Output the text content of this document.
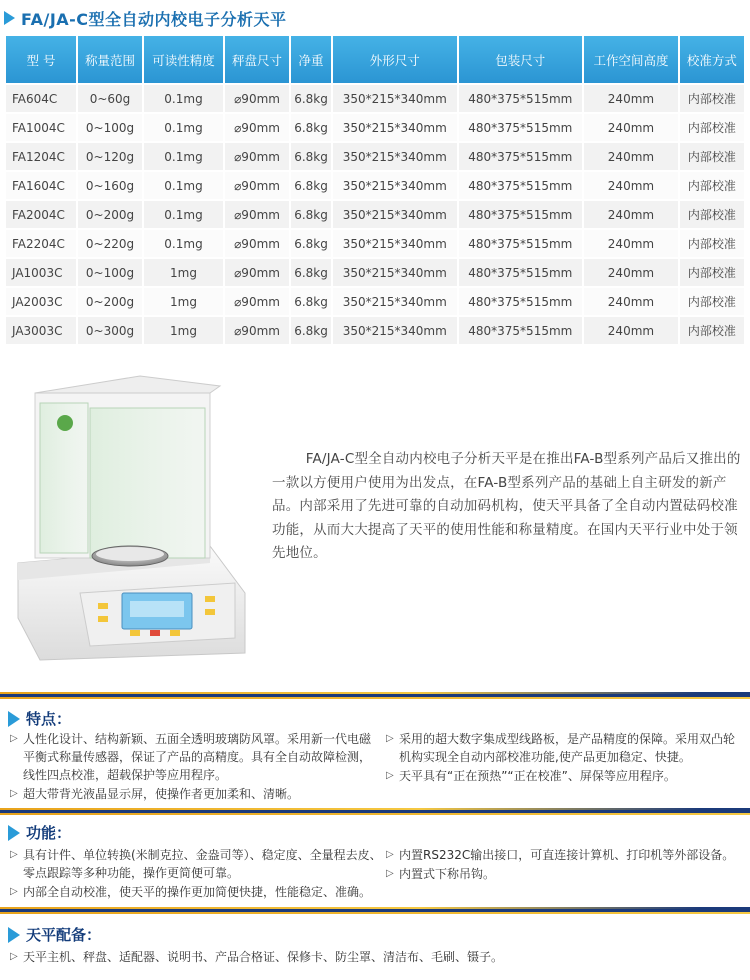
FA/JA-C型全自动内校电子分析天平
型 号	称量范围	可读性精度	秤盘尺寸	净重	外形尺寸	包装尺寸	工作空间高度	校准方式
FA604C	0~60g	0.1mg	⌀90mm	6.8kg	350*215*340mm	480*375*515mm	240mm	内部校准
FA1004C	0~100g	0.1mg	⌀90mm	6.8kg	350*215*340mm	480*375*515mm	240mm	内部校准
FA1204C	0~120g	0.1mg	⌀90mm	6.8kg	350*215*340mm	480*375*515mm	240mm	内部校准
FA1604C	0~160g	0.1mg	⌀90mm	6.8kg	350*215*340mm	480*375*515mm	240mm	内部校准
FA2004C	0~200g	0.1mg	⌀90mm	6.8kg	350*215*340mm	480*375*515mm	240mm	内部校准
FA2204C	0~220g	0.1mg	⌀90mm	6.8kg	350*215*340mm	480*375*515mm	240mm	内部校准
JA1003C	0~100g	1mg	⌀90mm	6.8kg	350*215*340mm	480*375*515mm	240mm	内部校准
JA2003C	0~200g	1mg	⌀90mm	6.8kg	350*215*340mm	480*375*515mm	240mm	内部校准
JA3003C	0~300g	1mg	⌀90mm	6.8kg	350*215*340mm	480*375*515mm	240mm	内部校准

FA/JA-C型全自动内校电子分析天平是在推出FA-B型系列产品后又推出的一款以方便用户使用为出发点，在FA-B型系列产品的基础上自主研发的新产品。内部采用了先进可靠的自动加码机构，使天平具备了全自动内置砝码校准功能，从而大大提高了天平的使用性能和称量精度。在国内天平行业中处于领先地位。

特点：
▷ 人性化设计、结构新颖、五面全透明玻璃防风罩。采用新一代电磁平衡式称量传感器，保证了产品的高精度。具有全自动故障检测，线性四点校准，超载保护等应用程序。
▷ 超大带背光液晶显示屏，使操作者更加柔和、清晰。
▷ 采用的超大数字集成型线路板，是产品精度的保障。采用双凸轮机构实现全自动内部校准功能,使产品更加稳定、快捷。
▷ 天平具有“正在预热”“正在校准”、屏保等应用程序。
功能：
▷ 具有计件、单位转换(米制克拉、金盎司等）、稳定度、全量程去皮、零点跟踪等多种功能，操作更简便可靠。
▷ 内部全自动校准，使天平的操作更加简便快捷，性能稳定、准确。
▷ 内置RS232C输出接口，可直连接计算机、打印机等外部设备。
▷ 内置式下称吊钩。
天平配备：
▷ 天平主机、秤盘、适配器、说明书、产品合格证、保修卡、防尘罩、清洁布、毛刷、镊子。
